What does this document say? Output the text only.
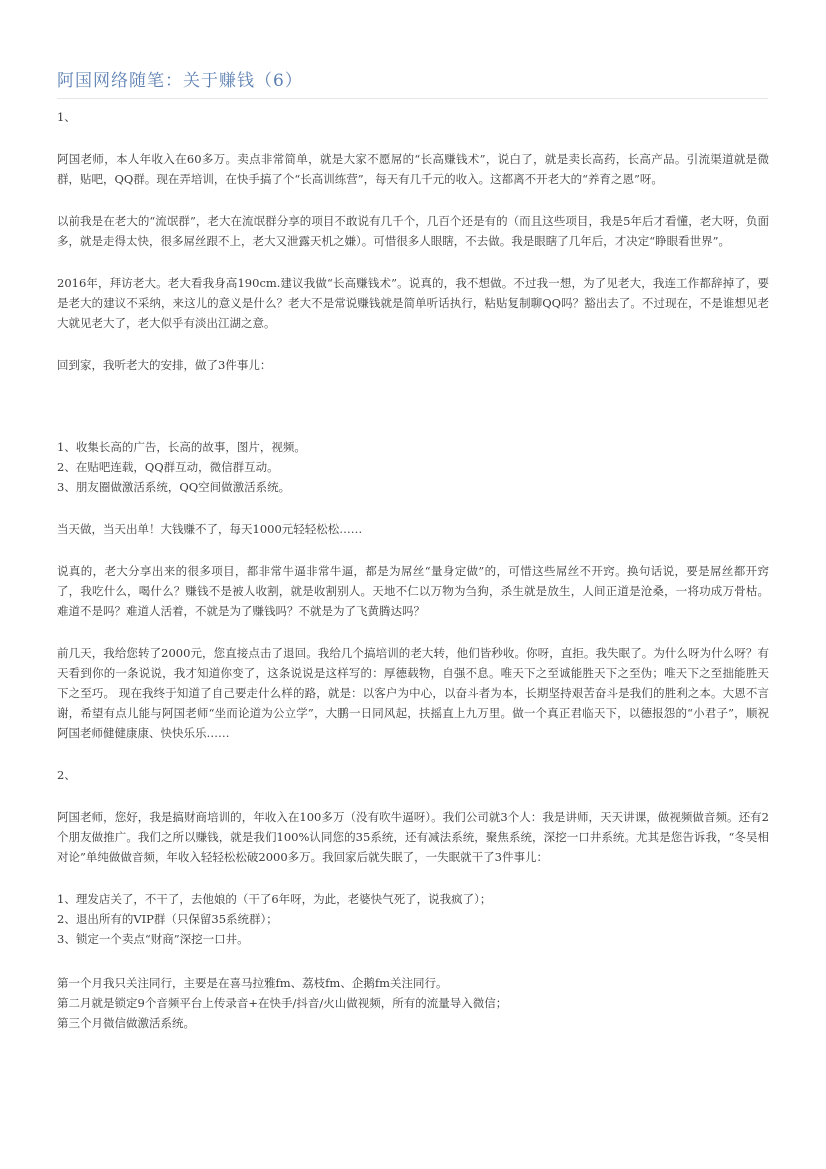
阿国网络随笔：关于赚钱（6）

1、

阿国老师，本人年收入在60多万。卖点非常简单，就是大家不愿屌的“长高赚钱术”，说白了，就是卖长高药，长高产品。引流渠道就是微群，贴吧，QQ群。现在弄培训，在快手搞了个“长高训练营”，每天有几千元的收入。这都离不开老大的“养育之恩”呀。

以前我是在老大的“流氓群”，老大在流氓群分享的项目不敢说有几千个，几百个还是有的（而且这些项目，我是5年后才看懂，老大呀，负面多，就是走得太快，很多屌丝跟不上，老大又泄露天机之嫌）。可惜很多人眼瞎，不去做。我是眼瞎了几年后，才决定“睁眼看世界”。

2016年，拜访老大。老大看我身高190cm.建议我做“长高赚钱术”。说真的，我不想做。不过我一想，为了见老大，我连工作都辞掉了，要是老大的建议不采纳，来这儿的意义是什么？老大不是常说赚钱就是简单听话执行，粘贴复制聊QQ吗？豁出去了。不过现在，不是谁想见老大就见老大了，老大似乎有淡出江湖之意。

回到家，我听老大的安排，做了3件事儿：

1、收集长高的广告，长高的故事，图片，视频。

2、在贴吧连载，QQ群互动，微信群互动。

3、朋友圈做激活系统，QQ空间做激活系统。

当天做，当天出单！大钱赚不了，每天1000元轻轻松松……

说真的，老大分享出来的很多项目，都非常牛逼非常牛逼，都是为屌丝“量身定做”的，可惜这些屌丝不开窍。换句话说，要是屌丝都开窍了，我吃什么，喝什么？赚钱不是被人收割，就是收割别人。天地不仁以万物为刍狗，杀生就是放生，人间正道是沧桑，一将功成万骨枯。难道不是吗？难道人活着，不就是为了赚钱吗？不就是为了飞黄腾达吗？

前几天，我给您转了2000元，您直接点击了退回。我给几个搞培训的老大转，他们皆秒收。你呀，直拒。我失眠了。为什么呀为什么呀？有天看到你的一条说说，我才知道你变了，这条说说是这样写的：厚德载物，自强不息。唯天下之至诚能胜天下之至伪；唯天下之至拙能胜天下之至巧。 现在我终于知道了自己要走什么样的路，就是：以客户为中心，以奋斗者为本，长期坚持艰苦奋斗是我们的胜利之本。大恩不言谢，希望有点儿能与阿国老师“坐而论道为公立学”，大鹏一日同风起，扶摇直上九万里。做一个真正君临天下，以德报怨的“小君子”，顺祝阿国老师健健康康、快快乐乐……

2、

阿国老师，您好，我是搞财商培训的，年收入在100多万（没有吹牛逼呀）。我们公司就3个人：我是讲师，天天讲课，做视频做音频。还有2个朋友做推广。我们之所以赚钱，就是我们100%认同您的35系统，还有减法系统，聚焦系统，深挖一口井系统。尤其是您告诉我，“冬吴相对论”单纯做做音频，年收入轻轻松松破2000多万。我回家后就失眠了，一失眠就干了3件事儿：

1、理发店关了，不干了，去他娘的（干了6年呀，为此，老婆快气死了，说我疯了）；

2、退出所有的VIP群（只保留35系统群）；

3、锁定一个卖点“财商”深挖一口井。

第一个月我只关注同行，主要是在喜马拉雅fm、荔枝fm、企鹅fm关注同行。

第二月就是锁定9个音频平台上传录音+在快手/抖音/火山做视频，所有的流量导入微信；

第三个月微信做激活系统。
